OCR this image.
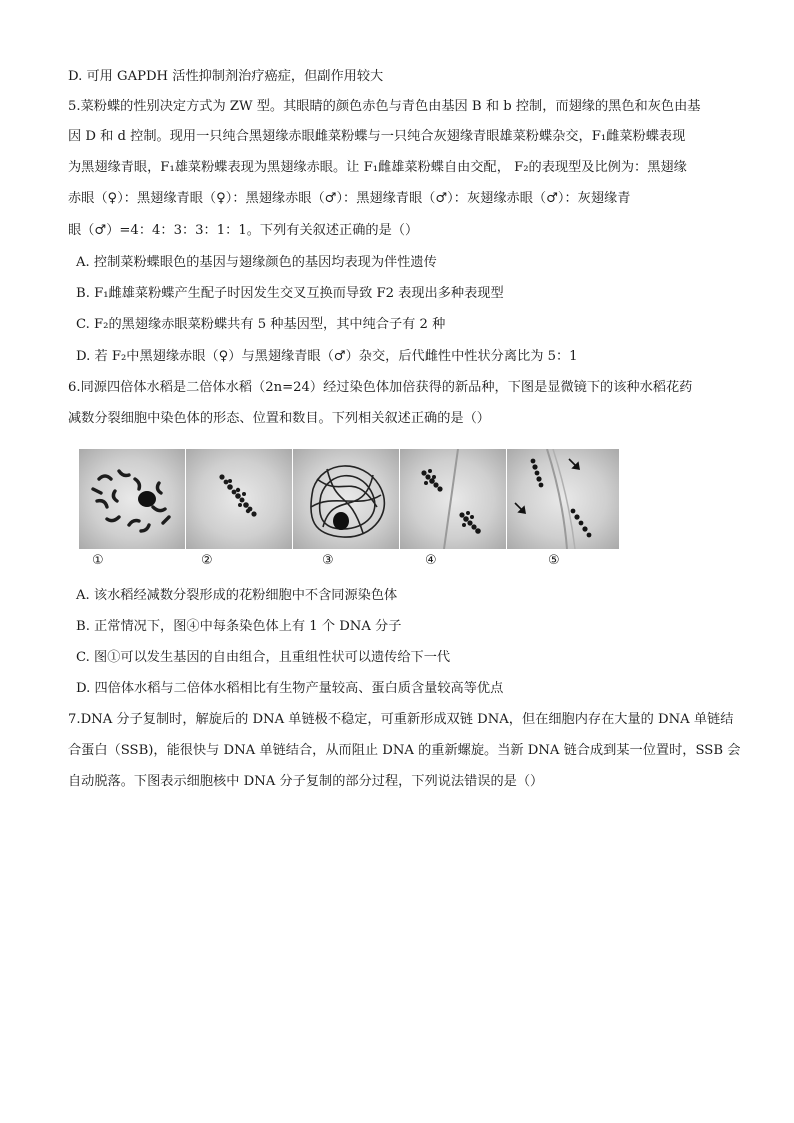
D. 可用 GAPDH 活性抑制剂治疗癌症，但副作用较大
5.菜粉蝶的性别决定方式为 ZW 型。其眼睛的颜色赤色与青色由基因 B 和 b 控制，而翅缘的黑色和灰色由基
因 D 和 d 控制。现用一只纯合黑翅缘赤眼雌菜粉蝶与一只纯合灰翅缘青眼雄菜粉蝶杂交，F₁雌菜粉蝶表现
为黑翅缘青眼，F₁雄菜粉蝶表现为黑翅缘赤眼。让 F₁雌雄菜粉蝶自由交配， F₂的表现型及比例为：黑翅缘
赤眼（♀）：黑翅缘青眼（♀）：黑翅缘赤眼（♂）：黑翅缘青眼（♂）：灰翅缘赤眼（♂）：灰翅缘青
眼（♂）=4：4：3：3：1：1。下列有关叙述正确的是（）
A. 控制菜粉蝶眼色的基因与翅缘颜色的基因均表现为伴性遗传
B. F₁雌雄菜粉蝶产生配子时因发生交叉互换而导致 F2 表现出多种表现型
C. F₂的黑翅缘赤眼菜粉蝶共有 5 种基因型，其中纯合子有 2 种
D. 若 F₂中黑翅缘赤眼（♀）与黑翅缘青眼（♂）杂交，后代雌性中性状分离比为 5：1
6.同源四倍体水稻是二倍体水稻（2n=24）经过染色体加倍获得的新品种，下图是显微镜下的该种水稻花药
减数分裂细胞中染色体的形态、位置和数目。下列相关叙述正确的是（）
①	②	③	④	⑤
A. 该水稻经减数分裂形成的花粉细胞中不含同源染色体
B. 正常情况下，图④中每条染色体上有 1 个 DNA 分子
C. 图①可以发生基因的自由组合，且重组性状可以遗传给下一代
D. 四倍体水稻与二倍体水稻相比有生物产量较高、蛋白质含量较高等优点
7.DNA 分子复制时，解旋后的 DNA 单链极不稳定，可重新形成双链 DNA，但在细胞内存在大量的 DNA 单链结
合蛋白（SSB)，能很快与 DNA 单链结合，从而阻止 DNA 的重新螺旋。当新 DNA 链合成到某一位置时，SSB 会
自动脱落。下图表示细胞核中 DNA 分子复制的部分过程，下列说法错误的是（）
